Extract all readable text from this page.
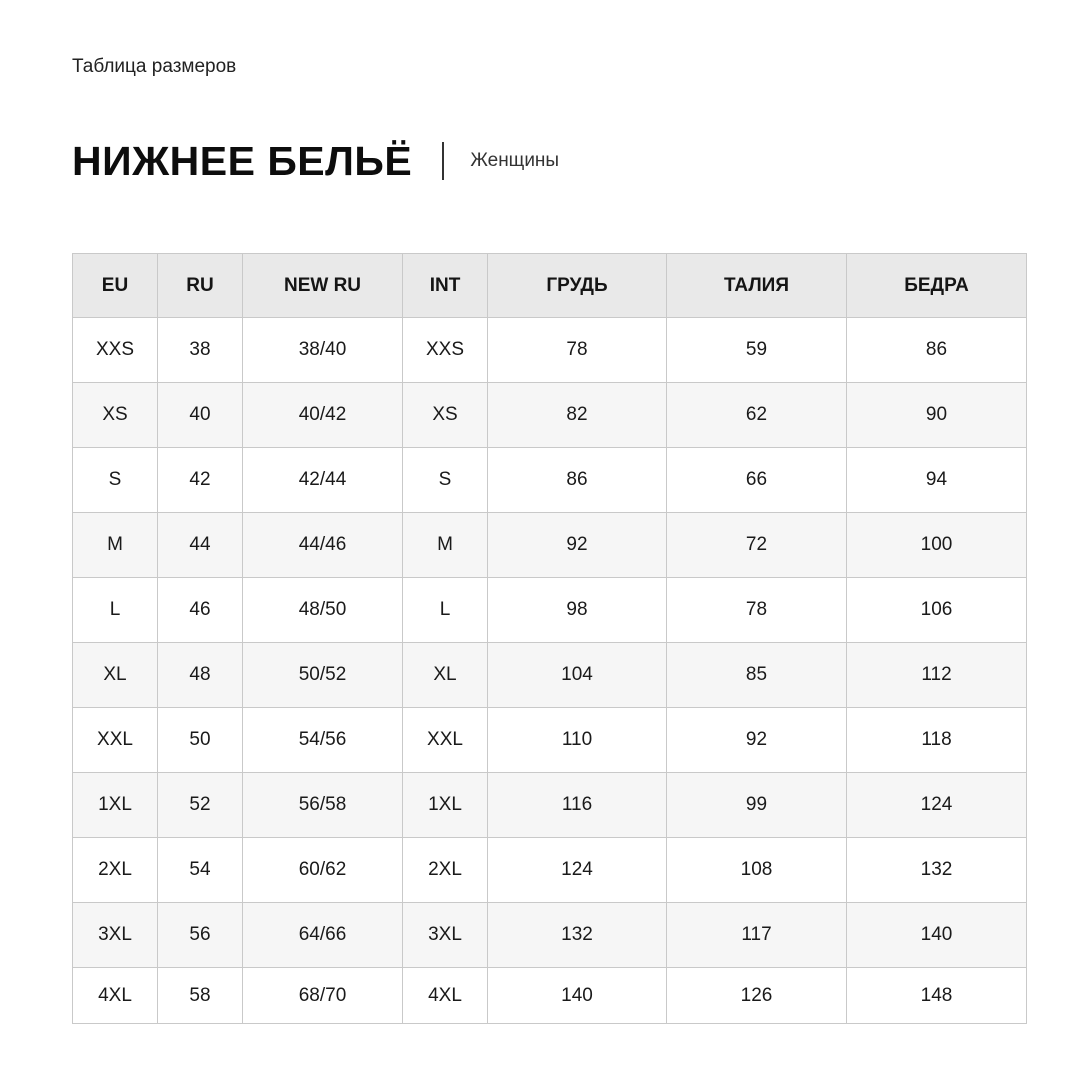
Таблица размеров
НИЖНЕЕ БЕЛЬЁ	Женщины
EU	RU	NEW RU	INT	ГРУДЬ	ТАЛИЯ	БЕДРА
XXS	38	38/40	XXS	78	59	86
XS	40	40/42	XS	82	62	90
S	42	42/44	S	86	66	94
M	44	44/46	M	92	72	100
L	46	48/50	L	98	78	106
XL	48	50/52	XL	104	85	112
XXL	50	54/56	XXL	110	92	118
1XL	52	56/58	1XL	116	99	124
2XL	54	60/62	2XL	124	108	132
3XL	56	64/66	3XL	132	117	140
4XL	58	68/70	4XL	140	126	148
